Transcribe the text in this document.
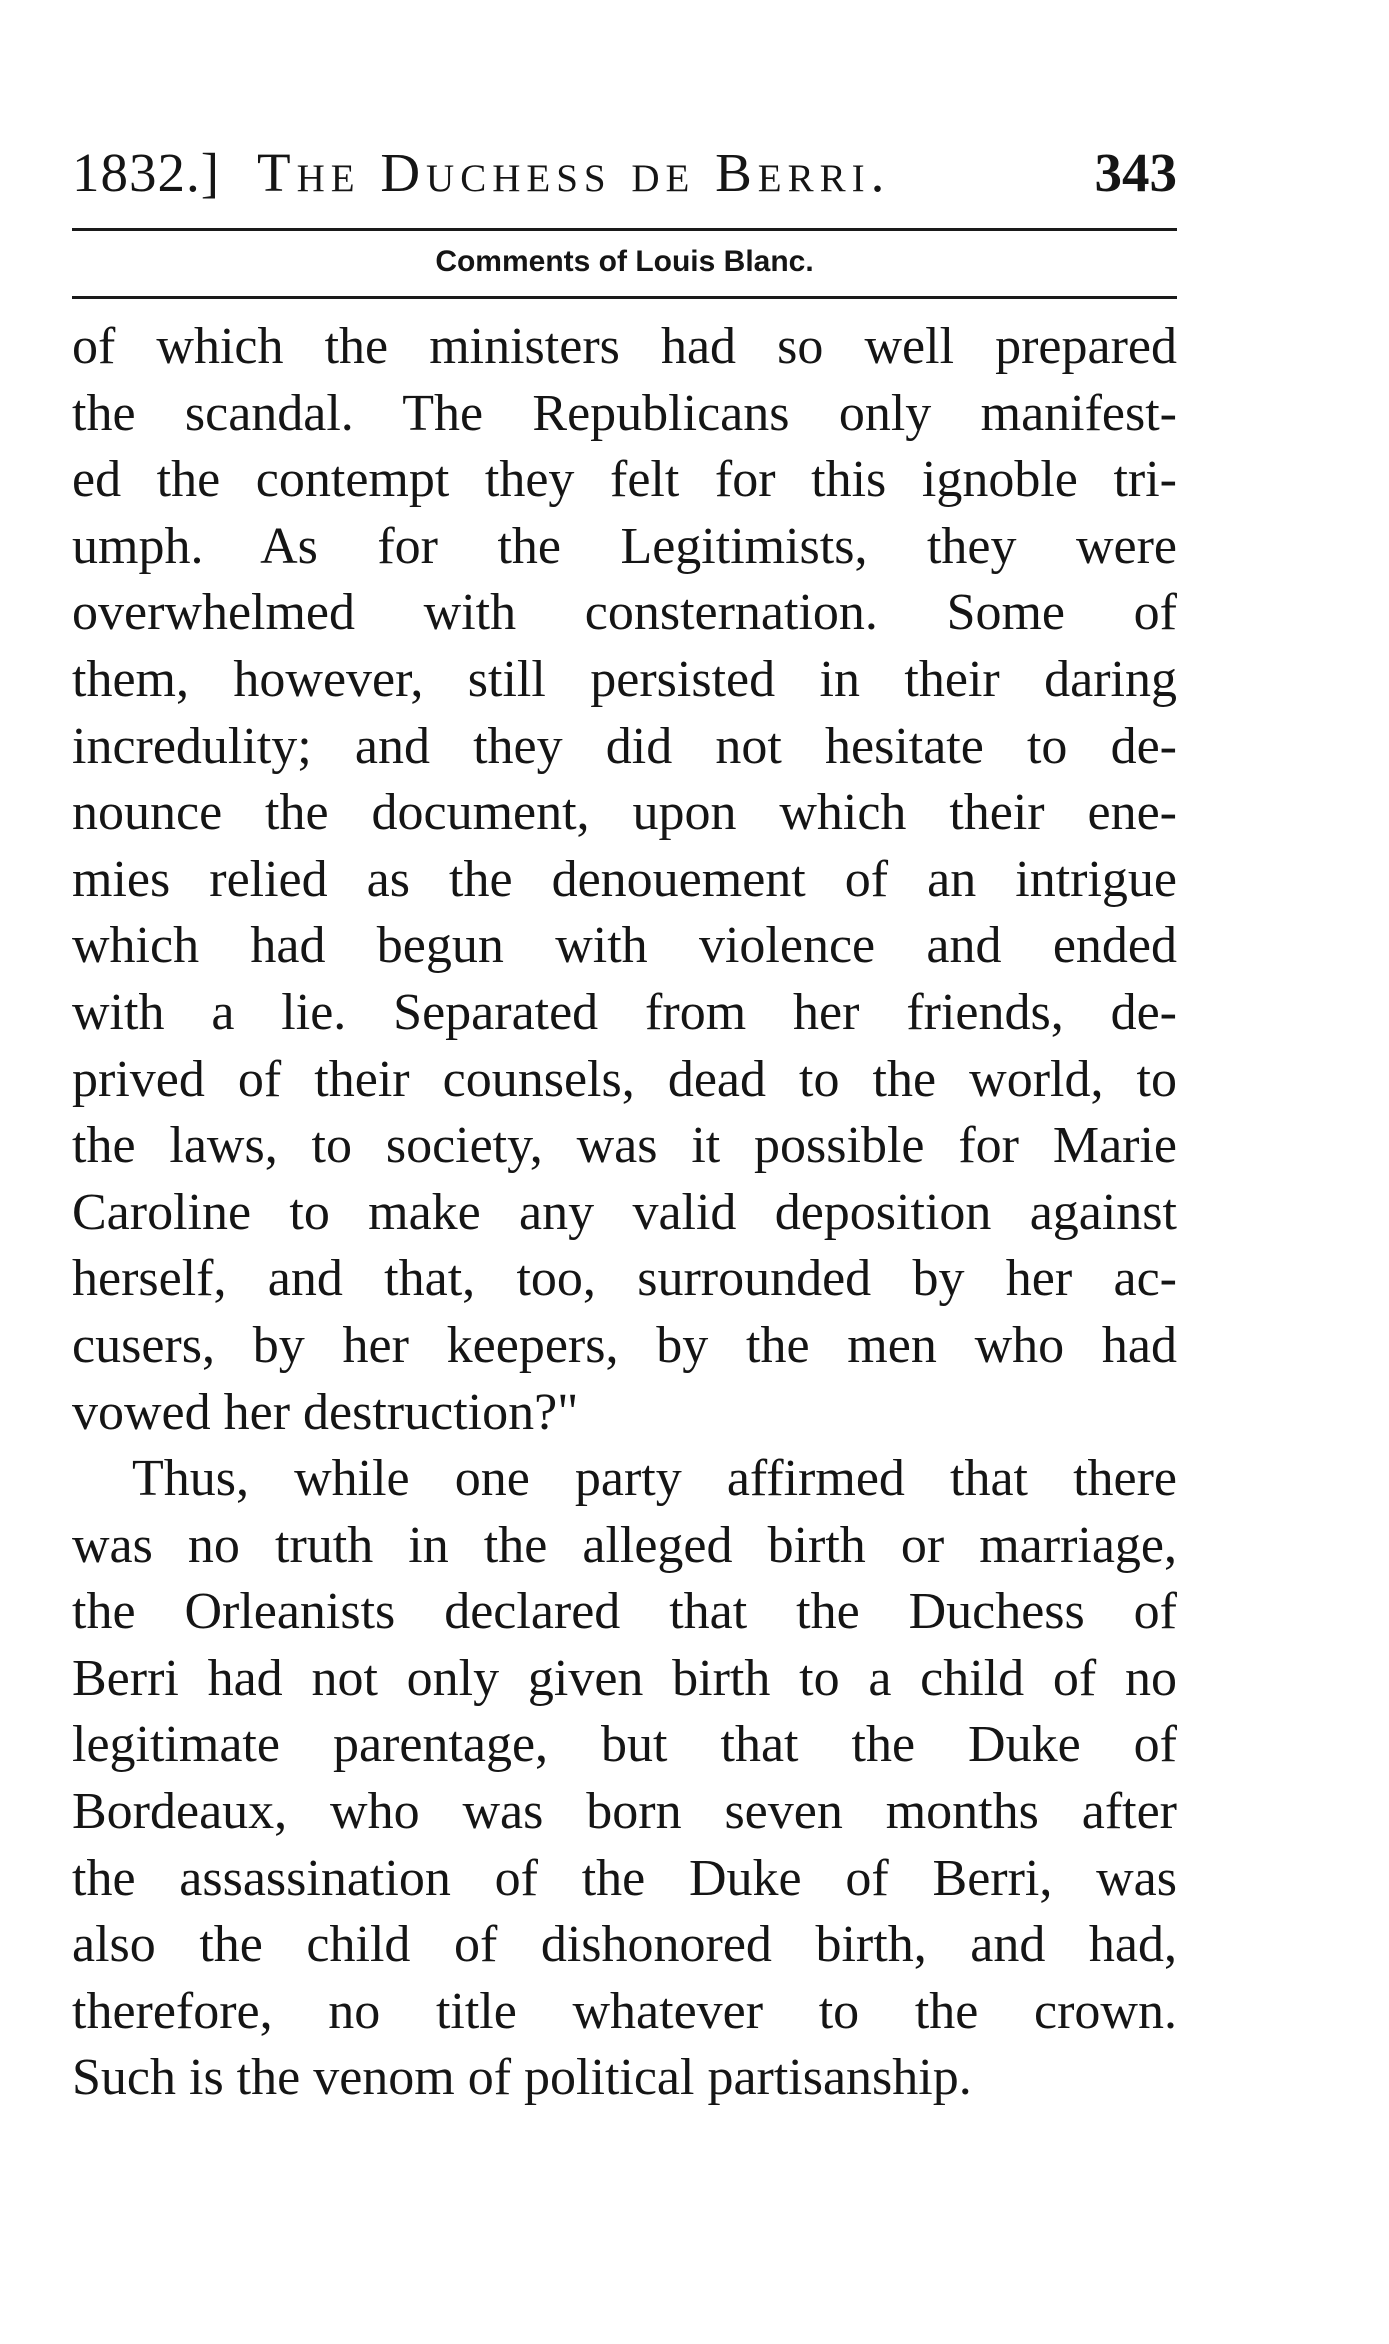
1832.] The Duchess de Berri.	343
Comments of Louis Blanc.
of which the ministers had so well prepared
the scandal. The Republicans only manifest-
ed the contempt they felt for this ignoble tri-
umph. As for the Legitimists, they were
overwhelmed with consternation. Some of
them, however, still persisted in their daring
incredulity; and they did not hesitate to de-
nounce the document, upon which their ene-
mies relied as the denouement of an intrigue
which had begun with violence and ended
with a lie. Separated from her friends, de-
prived of their counsels, dead to the world, to
the laws, to society, was it possible for Marie
Caroline to make any valid deposition against
herself, and that, too, surrounded by her ac-
cusers, by her keepers, by the men who had
vowed her destruction?"
Thus, while one party affirmed that there
was no truth in the alleged birth or marriage,
the Orleanists declared that the Duchess of
Berri had not only given birth to a child of no
legitimate parentage, but that the Duke of
Bordeaux, who was born seven months after
the assassination of the Duke of Berri, was
also the child of dishonored birth, and had,
therefore, no title whatever to the crown.
Such is the venom of political partisanship.
